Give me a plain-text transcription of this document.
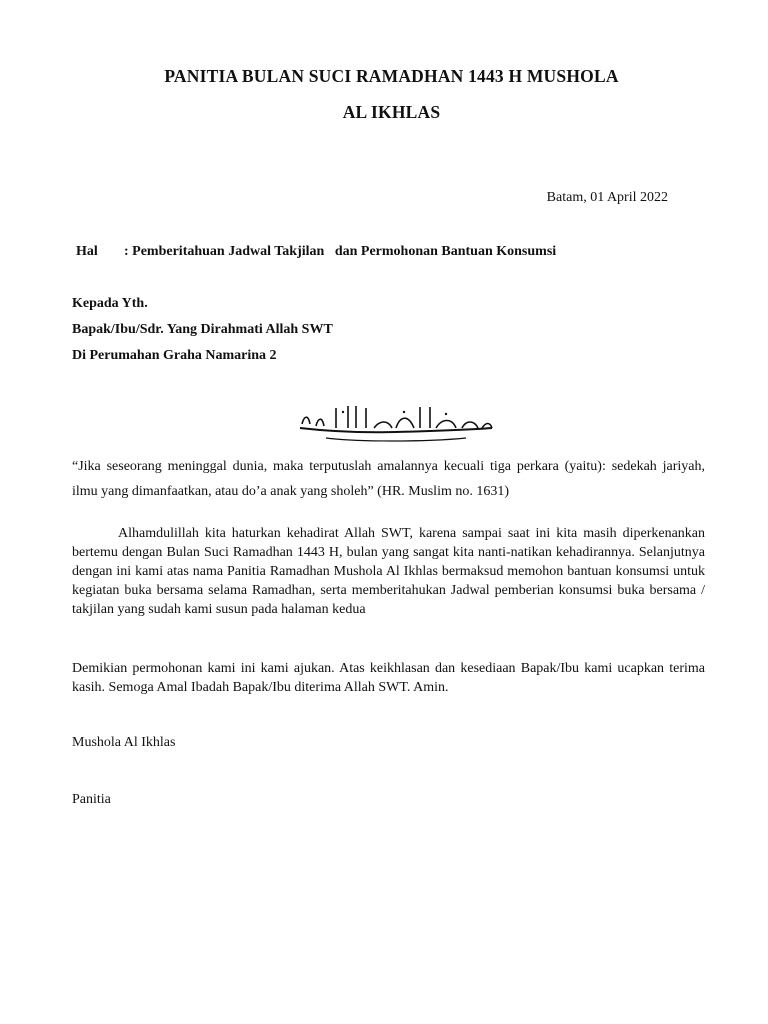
PANITIA BULAN SUCI RAMADHAN 1443 H MUSHOLA
AL IKHLAS
Batam, 01 April 2022
Hal : Pemberitahuan Jadwal Takjilan   dan Permohonan Bantuan Konsumsi
Kepada Yth.
Bapak/Ibu/Sdr. Yang Dirahmati Allah SWT
Di Perumahan Graha Namarina 2

“Jika seseorang meninggal dunia, maka terputuslah amalannya kecuali tiga perkara (yaitu): sedekah jariyah, ilmu yang dimanfaatkan, atau do’a anak yang sholeh” (HR. Muslim no. 1631)

Alhamdulillah kita haturkan kehadirat Allah SWT, karena sampai saat ini kita masih diperkenankan bertemu dengan Bulan Suci Ramadhan 1443 H, bulan yang sangat kita nanti-natikan kehadirannya. Selanjutnya dengan ini kami atas nama Panitia Ramadhan Mushola Al Ikhlas bermaksud memohon bantuan konsumsi untuk kegiatan buka bersama selama Ramadhan, serta memberitahukan Jadwal pemberian konsumsi buka bersama / takjilan yang sudah kami susun pada halaman kedua

Demikian permohonan kami ini kami ajukan. Atas keikhlasan dan kesediaan Bapak/Ibu kami ucapkan terima kasih. Semoga Amal Ibadah Bapak/Ibu diterima Allah SWT. Amin.

Mushola Al Ikhlas
Panitia
